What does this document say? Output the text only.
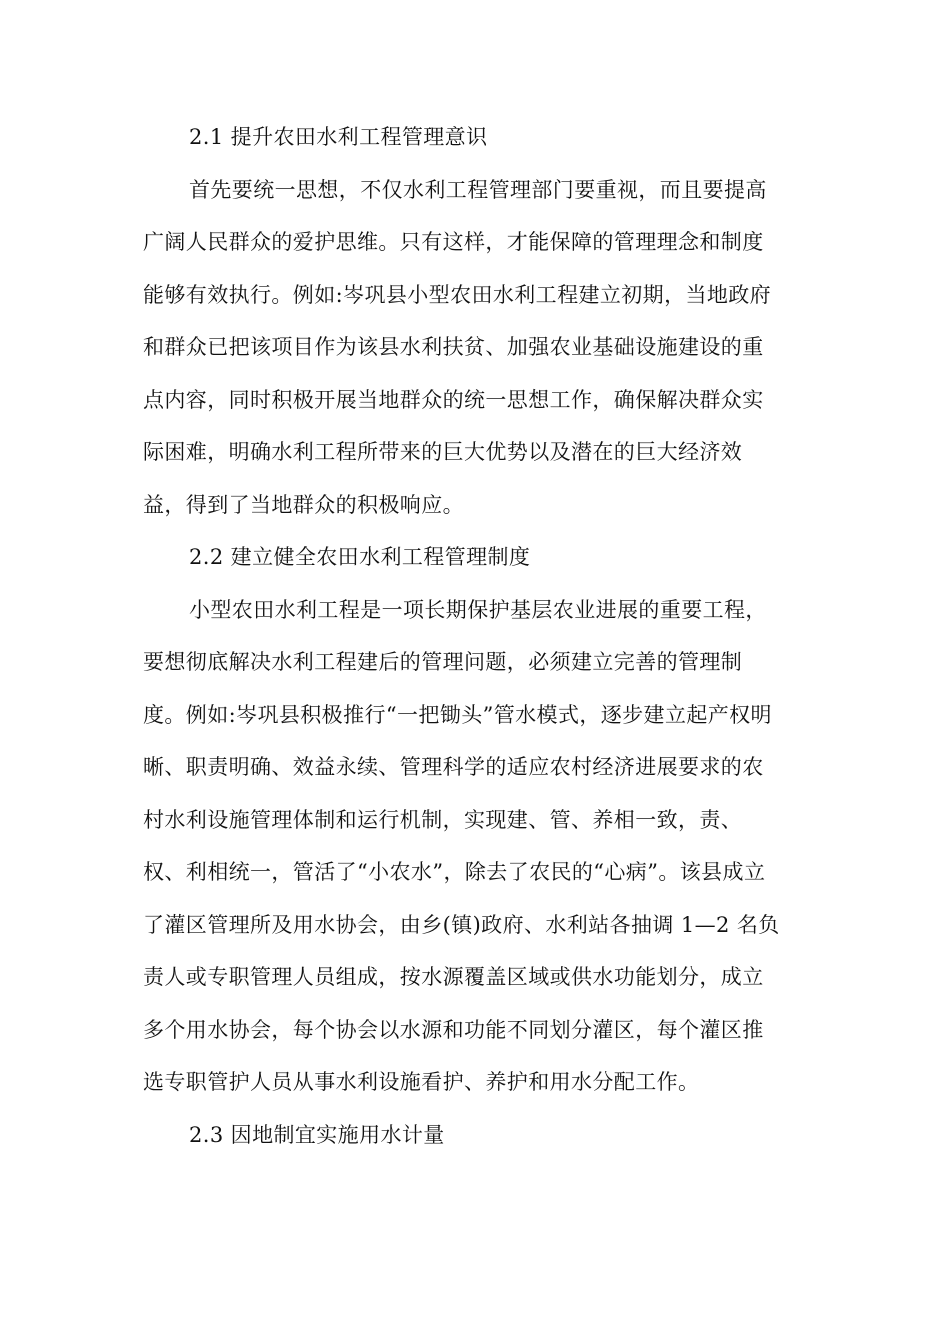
2.1 提升农田水利工程管理意识
首先要统一思想，不仅水利工程管理部门要重视，而且要提高
广阔人民群众的爱护思维。只有这样，才能保障的管理理念和制度
能够有效执行。例如:岑巩县小型农田水利工程建立初期，当地政府
和群众已把该项目作为该县水利扶贫、加强农业基础设施建设的重
点内容，同时积极开展当地群众的统一思想工作，确保解决群众实
际困难，明确水利工程所带来的巨大优势以及潜在的巨大经济效
益，得到了当地群众的积极响应。
2.2 建立健全农田水利工程管理制度
小型农田水利工程是一项长期保护基层农业进展的重要工程，
要想彻底解决水利工程建后的管理问题，必须建立完善的管理制
度。例如:岑巩县积极推行“一把锄头”管水模式，逐步建立起产权明
晰、职责明确、效益永续、管理科学的适应农村经济进展要求的农
村水利设施管理体制和运行机制，实现建、管、养相一致，责、
权、利相统一，管活了“小农水”，除去了农民的“心病”。该县成立
了灌区管理所及用水协会，由乡(镇)政府、水利站各抽调 1—2 名负
责人或专职管理人员组成，按水源覆盖区域或供水功能划分，成立
多个用水协会，每个协会以水源和功能不同划分灌区，每个灌区推
选专职管护人员从事水利设施看护、养护和用水分配工作。
2.3 因地制宜实施用水计量
